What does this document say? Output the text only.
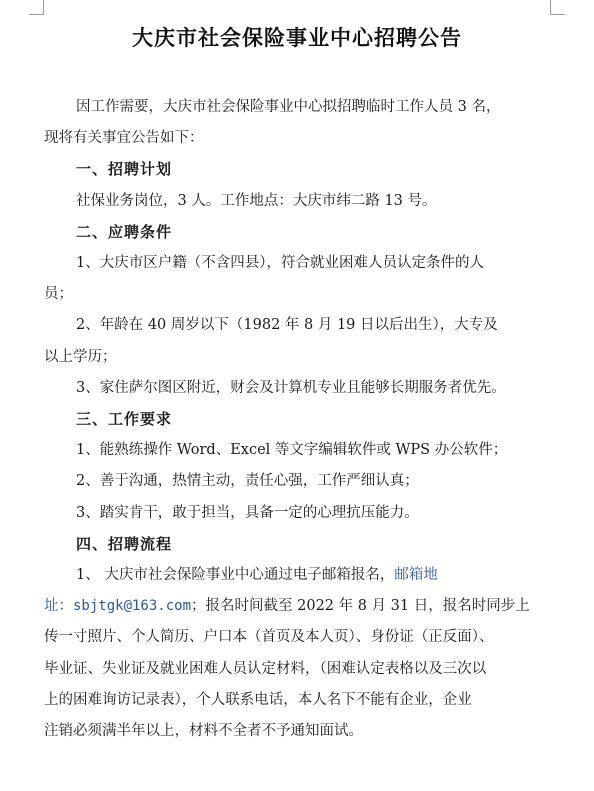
大庆市社会保险事业中心招聘公告
因工作需要，大庆市社会保险事业中心拟招聘临时工作人员 3 名，
现将有关事宜公告如下：
一、招聘计划
社保业务岗位，3 人。工作地点：大庆市纬二路 13 号。
二、应聘条件
1、大庆市区户籍（不含四县），符合就业困难人员认定条件的人
员；
2、年龄在 40 周岁以下（1982 年 8 月 19 日以后出生），大专及
以上学历；
3、家住萨尔图区附近，财会及计算机专业且能够长期服务者优先。
三、工作要求
1、能熟练操作 Word、Excel 等文字编辑软件或 WPS 办公软件；
2、善于沟通，热情主动，责任心强，工作严细认真；
3、踏实肯干，敢于担当，具备一定的心理抗压能力。
四、招聘流程
1、 大庆市社会保险事业中心通过电子邮箱报名，邮箱地
址：sbjtgk@163.com；报名时间截至 2022 年 8 月 31 日，报名时同步上
传一寸照片、个人简历、户口本（首页及本人页）、身份证（正反面）、
毕业证、失业证及就业困难人员认定材料，（困难认定表格以及三次以
上的困难询访记录表），个人联系电话，本人名下不能有企业，企业
注销必须满半年以上，材料不全者不予通知面试。
